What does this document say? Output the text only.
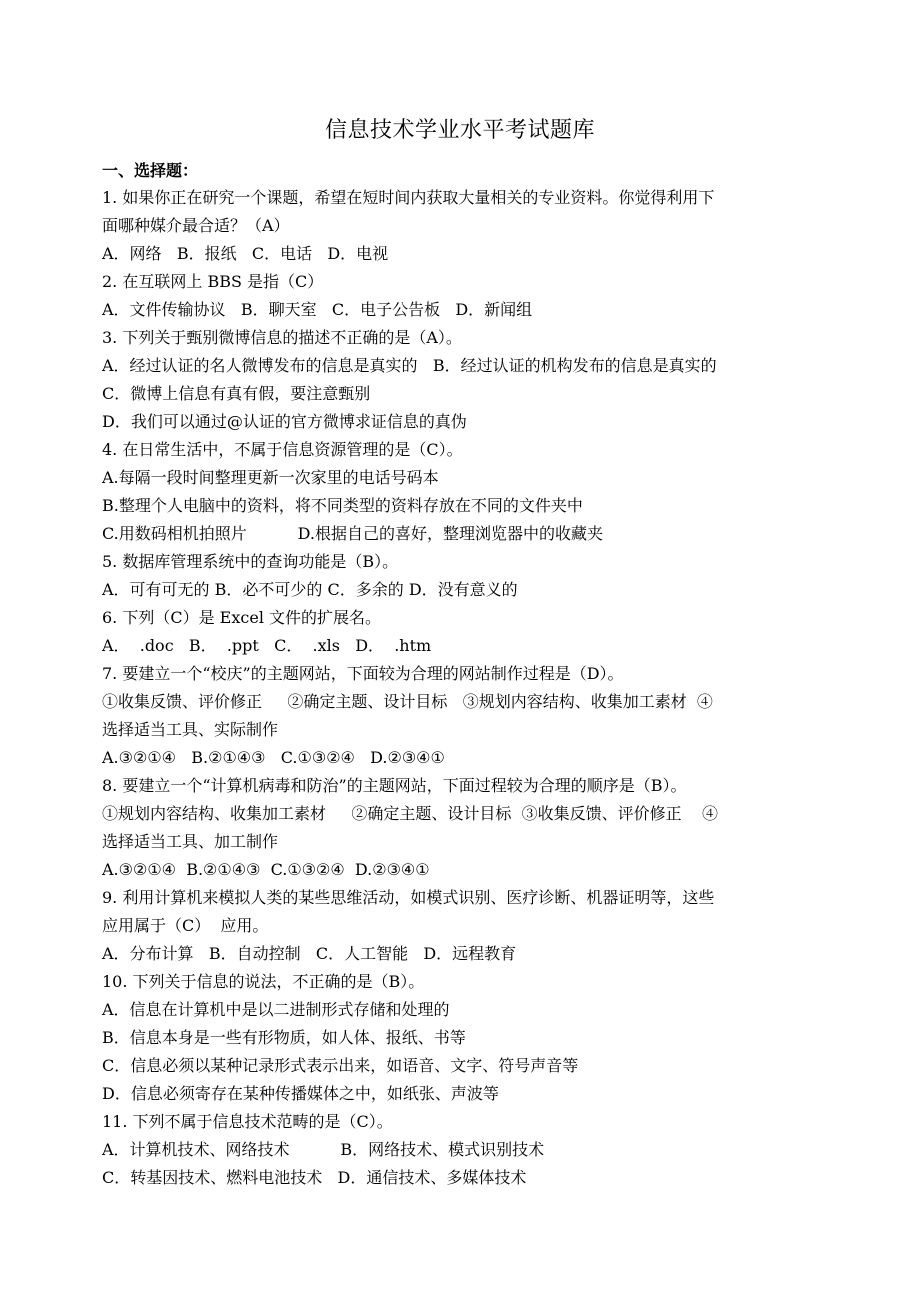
信息技术学业水平考试题库
一、选择题：
1. 如果你正在研究一个课题，希望在短时间内获取大量相关的专业资料。你觉得利用下
面哪种媒介最合适？（A）
A．网络   B．报纸   C．电话   D．电视
2. 在互联网上 BBS 是指（C）
A．文件传输协议   B．聊天室   C．电子公告板   D．新闻组
3. 下列关于甄别微博信息的描述不正确的是（A）。
A．经过认证的名人微博发布的信息是真实的   B．经过认证的机构发布的信息是真实的
C．微博上信息有真有假，要注意甄别
D．我们可以通过@认证的官方微博求证信息的真伪
4. 在日常生活中，不属于信息资源管理的是（C）。
A.每隔一段时间整理更新一次家里的电话号码本
B.整理个人电脑中的资料，将不同类型的资料存放在不同的文件夹中
C.用数码相机拍照片          D.根据自己的喜好，整理浏览器中的收藏夹
5. 数据库管理系统中的查询功能是（B）。
A．可有可无的 B．必不可少的 C．多余的 D．没有意义的
6. 下列（C）是 Excel 文件的扩展名。
A．  .doc   B．  .ppt   C．  .xls   D．  .htm
7. 要建立一个“校庆”的主题网站，下面较为合理的网站制作过程是（D）。
①收集反馈、评价修正     ②确定主题、设计目标   ③规划内容结构、收集加工素材  ④
选择适当工具、实际制作
A.③②①④   B.②①④③   C.①③②④   D.②③④①
8. 要建立一个“计算机病毒和防治”的主题网站，下面过程较为合理的顺序是（B）。
①规划内容结构、收集加工素材     ②确定主题、设计目标  ③收集反馈、评价修正    ④
选择适当工具、加工制作
A.③②①④  B.②①④③  C.①③②④  D.②③④①
9. 利用计算机来模拟人类的某些思维活动，如模式识别、医疗诊断、机器证明等，这些
应用属于（C）  应用。
A．分布计算   B．自动控制   C．人工智能   D．远程教育
10. 下列关于信息的说法，不正确的是（B）。
A．信息在计算机中是以二进制形式存储和处理的
B．信息本身是一些有形物质，如人体、报纸、书等
C．信息必须以某种记录形式表示出来，如语音、文字、符号声音等
D．信息必须寄存在某种传播媒体之中，如纸张、声波等
11. 下列不属于信息技术范畴的是（C）。
A．计算机技术、网络技术          B．网络技术、模式识别技术
C．转基因技术、燃料电池技术   D．通信技术、多媒体技术
